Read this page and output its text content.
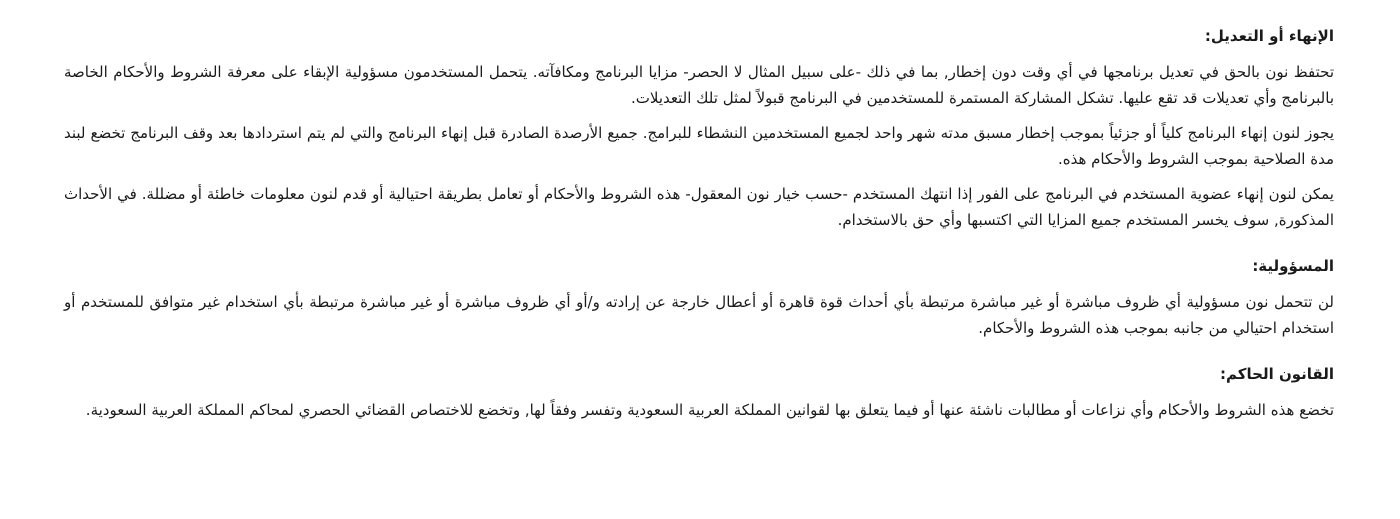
الإنهاء أو التعديل:

تحتفظ نون بالحق في تعديل برنامجها في أي وقت دون إخطار, بما في ذلك -على سبيل المثال لا الحصر- مزايا البرنامج ومكافآته. يتحمل المستخدمون مسؤولية الإبقاء على معرفة الشروط والأحكام الخاصة بالبرنامج وأي تعديلات قد تقع عليها. تشكل المشاركة المستمرة للمستخدمين في البرنامج قبولاً لمثل تلك التعديلات.

يجوز لنون إنهاء البرنامج كلياً أو جزئياً بموجب إخطار مسبق مدته شهر واحد لجميع المستخدمين النشطاء للبرامج. جميع الأرصدة الصادرة قبل إنهاء البرنامج والتي لم يتم استردادها بعد وقف البرنامج تخضع لبند مدة الصلاحية بموجب الشروط والأحكام هذه.

يمكن لنون إنهاء عضوية المستخدم في البرنامج على الفور إذا انتهك المستخدم -حسب خيار نون المعقول- هذه الشروط والأحكام أو تعامل بطريقة احتيالية أو قدم لنون معلومات خاطئة أو مضللة. في الأحداث المذكورة, سوف يخسر المستخدم جميع المزايا التي اكتسبها وأي حق بالاستخدام.

المسؤولية:

لن تتحمل نون مسؤولية أي ظروف مباشرة أو غير مباشرة مرتبطة بأي أحداث قوة قاهرة أو أعطال خارجة عن إرادته و/أو أي ظروف مباشرة أو غير مباشرة مرتبطة بأي استخدام غير متوافق للمستخدم أو استخدام احتيالي من جانبه بموجب هذه الشروط والأحكام.

القانون الحاكم:

تخضع هذه الشروط والأحكام وأي نزاعات أو مطالبات ناشئة عنها أو فيما يتعلق بها لقوانين المملكة العربية السعودية وتفسر وفقاً لها, وتخضع للاختصاص القضائي الحصري لمحاكم المملكة العربية السعودية.
